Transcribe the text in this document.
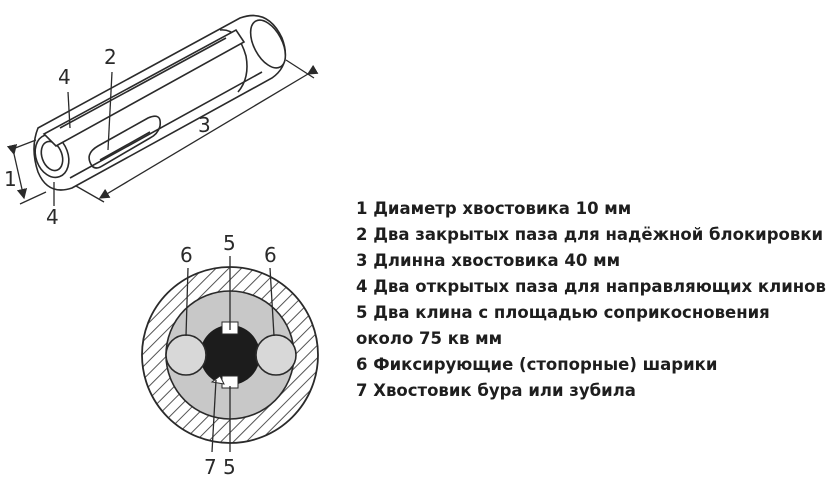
1
2
3
4
4
6 5 6
7 5
1 Диаметр хвостовика 10 мм
2 Два закрытых паза для надёжной блокировки
3 Длинна хвостовика 40 мм
4 Два открытых паза для направляющих клинов
5 Два клина с площадью соприкосновения около 75 кв мм
6 Фиксирующие (стопорные) шарики
7 Хвостовик бура или зубила
